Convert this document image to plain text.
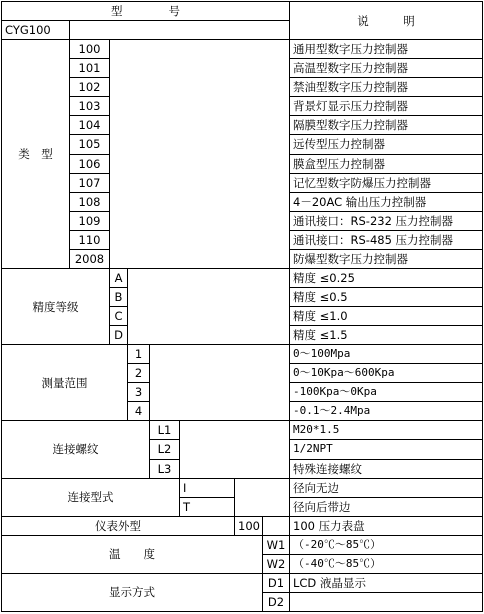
型　　　　号								说　　　明
CYG100								
类　型	100							通用型数字压力控制器
	101							高温型数字压力控制器
	102							禁油型数字压力控制器
	103							背景灯显示压力控制器
	104							隔膜型数字压力控制器
	105							远传型压力控制器
	106							膜盒型压力控制器
	107							记忆型数字防爆压力控制器
	108							4－20AC 输出压力控制器
	109							通讯接口：RS-232 压力控制器
	110							通讯接口：RS-485 压力控制器
	2008							防爆型数字压力控制器
精度等级		A						精度 ≤0.25
		B						精度 ≤0.5
		C						精度 ≤1.0
		D						精度 ≤1.5
测量范围			1					0～100Mpa
			2					0～10Kpa～600Kpa
			3					-100Kpa～0Kpa
			4					-0.1～2.4Mpa
连接螺纹				L1				M20*1.5
				L2				1/2NPT
				L3				特殊连接螺纹
连接型式					I			径向无边
					T			径向后带边
仪表外型						100		100 压力表盘
温　　度							W1	（-20℃～85℃）
							W2	（-40℃～85℃）
显示方式							D1	LCD 液晶显示
							D2	
